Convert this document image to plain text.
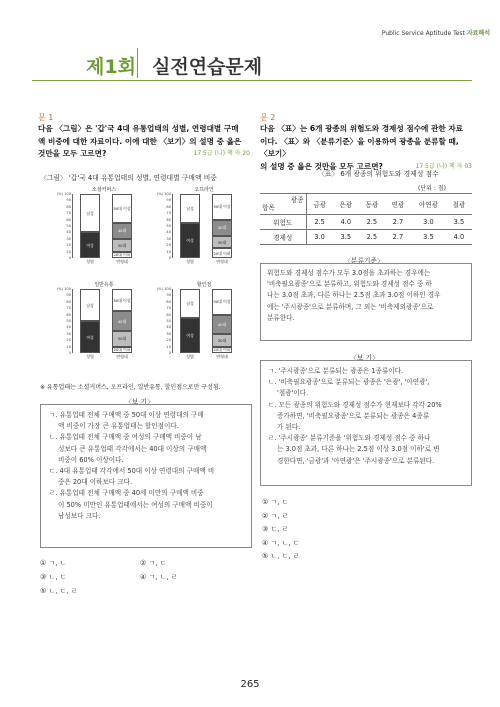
Public Service Aptitude Test 자료해석
제1회 실전연습문제
문 1
다음 〈그림〉은 '갑'국 4대 유통업태의 성별, 연령대별 구매
액 비중에 대한 자료이다. 이에 대한 〈보기〉의 설명 중 옳은
것만을 모두 고르면?	17 5급 (나) 책 자 20
〈그림〉 '갑'국 4대 유통업태의 성별, 연령대별 구매액 비중
소셜커머스
(%) 100
90
80
70
60
50
40
30
20
10
0
여성
남성
20대 이하
30대
40대
50대 이상
성별	연령대
오프라인
(%) 100
90
80
70
60
50
40
30
20
10
0
여성
남성
20대 이하
30대
40대
50대 이상
성별	연령대
일반유통
(%) 100
90
80
70
60
50
40
30
20
10
0
여성
남성
20대 이하
30대
40대
50대 이상
성별	연령대
할인점
(%) 100
90
80
70
60
50
40
30
20
10
0
여성
남성
20대 이하
30대
40대
50대 이상
성별	연령대
※ 유통업태는 소셜커머스, 오프라인, 일반유통, 할인점으로만 구성됨.
〈보 기〉
ㄱ. 유통업태 전체 구매액 중 50대 이상 연령대의 구매
액 비중이 가장 큰 유통업태는 할인점이다.
ㄴ. 유통업태 전체 구매액 중 여성의 구매액 비중이 남
성보다 큰 유통업태 각각에서는 40대 이상의 구매액
비중이 60% 이상이다.
ㄷ. 4대 유통업태 각각에서 50대 이상 연령대의 구매액 비
중은 20대 이하보다 크다.
ㄹ. 유통업태 전체 구매액 중 40세 미만의 구매액 비중
이 50% 미만인 유통업태에서는 여성의 구매액 비중이
남성보다 크다.
① ㄱ, ㄴ	② ㄱ, ㄷ
③ ㄴ, ㄷ	④ ㄱ, ㄴ, ㄹ
⑤ ㄴ, ㄷ, ㄹ
문 2
다음 〈표〉는 6개 광종의 위험도와 경제성 점수에 관한 자료
이다. 〈표〉와 〈분류기준〉을 이용하여 광종을 분류할 때, 〈보기〉
의 설명 중 옳은 것만을 모두 고르면?	17 5급 (나) 책 자 03
〈표〉 6개 광종의 위험도와 경제성 점수
(단위 : 점)
광종
항목	금광	은광	동광	연광	아연광	철광
위험도	2.5	4.0	2.5	2.7	3.0	3.5
경제성	3.0	3.5	2.5	2.7	3.5	4.0
〈분류기준〉
위험도와 경제성 점수가 모두 3.0점을 초과하는 경우에는
'비축필요광종'으로 분류하고, 위험도와 경제성 점수 중 하
나는 3.0점 초과, 다른 하나는 2.5점 초과 3.0점 이하인 경우
에는 '주시광종'으로 분류하며, 그 외는 '비축제외광종'으로
분류한다.
〈보 기〉
ㄱ. '주시광종'으로 분류되는 광종은 1종류이다.
ㄴ. '비축필요광종'으로 분류되는 광종은 '은광', '아연광',
'철광'이다.
ㄷ. 모든 광종의 위험도와 경제성 점수가 현재보다 각각 20%
증가하면, '비축필요광종'으로 분류되는 광종은 4종류
가 된다.
ㄹ. '주시광종' 분류기준을 '위험도와 경제성 점수 중 하나
는 3.0점 초과, 다른 하나는 2.5점 이상 3.0점 이하'로 변
경한다면, '금광'과 '아연광'은 '주시광종'으로 분류된다.
① ㄱ, ㄷ
② ㄱ, ㄹ
③ ㄷ, ㄹ
④ ㄱ, ㄴ, ㄷ
⑤ ㄴ, ㄷ, ㄹ
265
